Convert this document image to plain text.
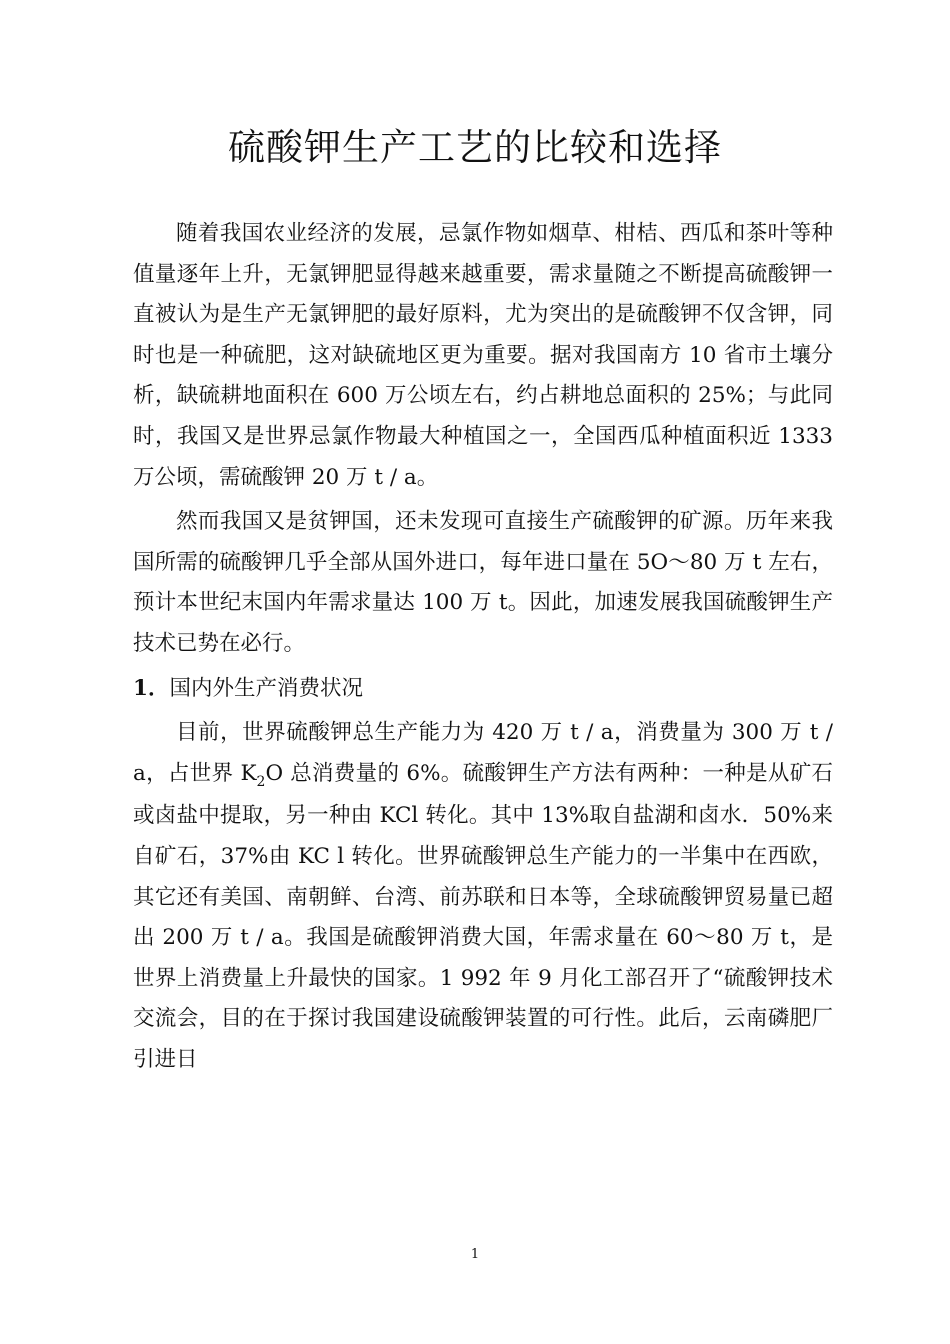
硫酸钾生产工艺的比较和选择

随着我国农业经济的发展，忌氯作物如烟草、柑桔、西瓜和茶叶等种值量逐年上升，无氯钾肥显得越来越重要，需求量随之不断提高硫酸钾一直被认为是生产无氯钾肥的最好原料，尤为突出的是硫酸钾不仅含钾，同时也是一种硫肥，这对缺硫地区更为重要。据对我国南方 10 省市土壤分析，缺硫耕地面积在 600 万公顷左右，约占耕地总面积的 25%；与此同时，我国又是世界忌氯作物最大种植国之一，全国西瓜种植面积近 1333 万公顷，需硫酸钾 20 万 t / a。

然而我国又是贫钾国，还未发现可直接生产硫酸钾的矿源。历年来我国所需的硫酸钾几乎全部从国外进口，每年进口量在 5O～80 万 t 左右，预计本世纪末国内年需求量达 100 万 t。因此，加速发展我国硫酸钾生产技术已势在必行。

1．国内外生产消费状况

目前，世界硫酸钾总生产能力为 420 万 t / a，消费量为 300 万 t / a，占世界 $K_2O$ 总消费量的 6%。硫酸钾生产方法有两种：一种是从矿石或卤盐中提取，另一种由 KCl 转化。其中 13%取自盐湖和卤水．50%来自矿石，37%由 KC l 转化。世界硫酸钾总生产能力的一半集中在西欧，其它还有美国、南朝鲜、台湾、前苏联和日本等，全球硫酸钾贸易量已超出 200 万 t / a。我国是硫酸钾消费大国，年需求量在 60～80 万 t，是世界上消费量上升最快的国家。1 992 年 9 月化工部召开了“硫酸钾技术交流会，目的在于探讨我国建设硫酸钾装置的可行性。此后，云南磷肥厂引进日

1
